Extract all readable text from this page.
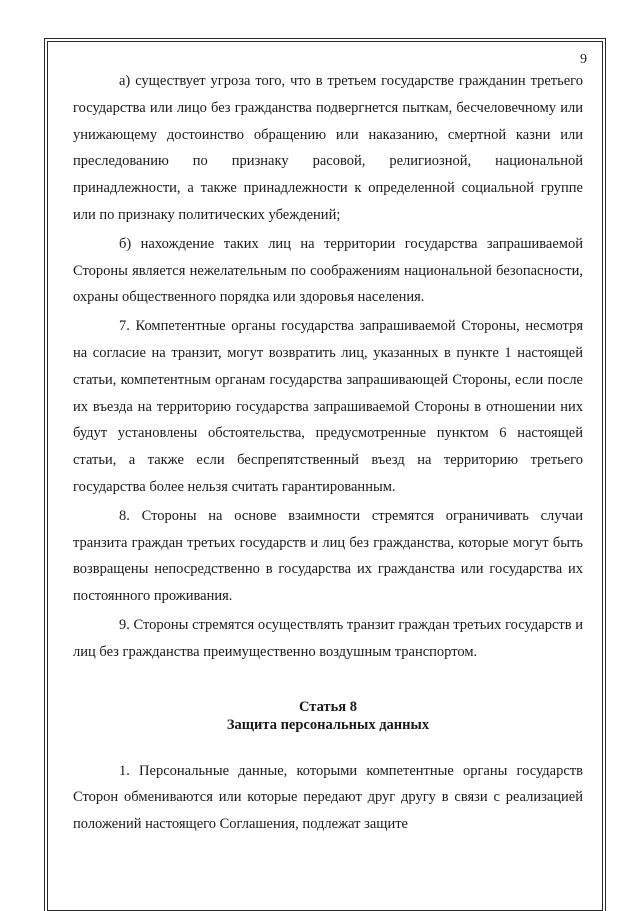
9

а) существует угроза того, что в третьем государстве гражданин третьего государства или лицо без гражданства подвергнется пыткам, бесчеловечному или унижающему достоинство обращению или наказанию, смертной казни или преследованию по признаку расовой, религиозной, национальной принадлежности, а также принадлежности к определенной социальной группе или по признаку политических убеждений;

б) нахождение таких лиц на территории государства запрашиваемой Стороны является нежелательным по соображениям национальной безопасности, охраны общественного порядка или здоровья населения.

7. Компетентные органы государства запрашиваемой Стороны, несмотря на согласие на транзит, могут возвратить лиц, указанных в пункте 1 настоящей статьи, компетентным органам государства запрашивающей Стороны, если после их въезда на территорию государства запрашиваемой Стороны в отношении них будут установлены обстоятельства, предусмотренные пунктом 6 настоящей статьи, а также если беспрепятственный въезд на территорию третьего государства более нельзя считать гарантированным.

8. Стороны на основе взаимности стремятся ограничивать случаи транзита граждан третьих государств и лиц без гражданства, которые могут быть возвращены непосредственно в государства их гражданства или государства их постоянного проживания.

9. Стороны стремятся осуществлять транзит граждан третьих государств и лиц без гражданства преимущественно воздушным транспортом.

Статья 8
Защита персональных данных

1. Персональные данные, которыми компетентные органы государств Сторон обмениваются или которые передают друг другу в связи с реализацией положений настоящего Соглашения, подлежат защите
